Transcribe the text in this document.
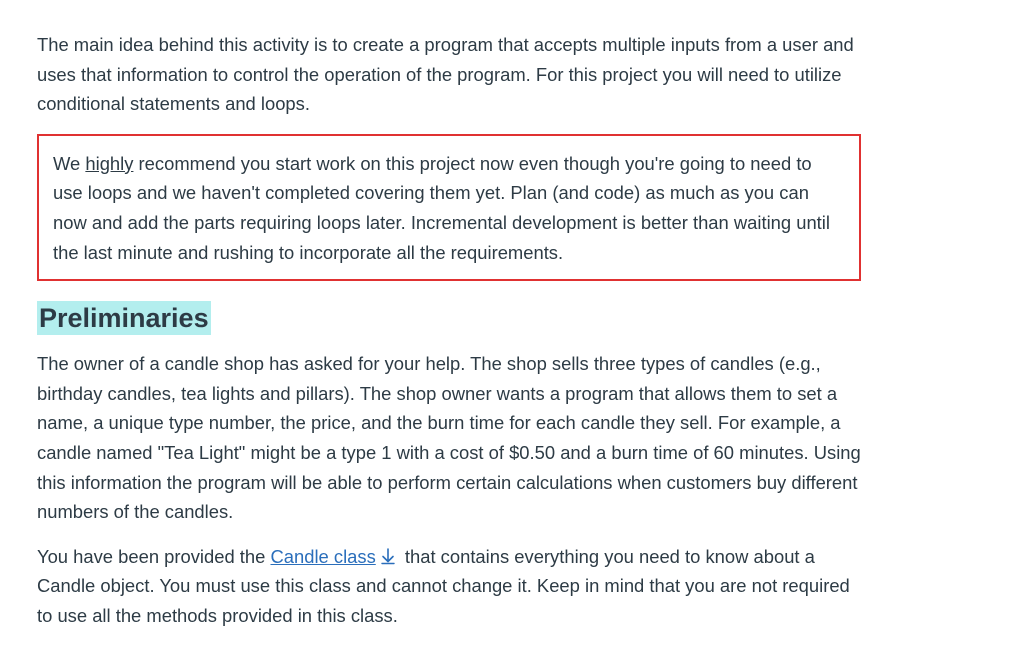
The main idea behind this activity is to create a program that accepts multiple inputs from a user and uses that information to control the operation of the program. For this project you will need to utilize conditional statements and loops.

We highly recommend you start work on this project now even though you're going to need to use loops and we haven't completed covering them yet. Plan (and code) as much as you can now and add the parts requiring loops later. Incremental development is better than waiting until the last minute and rushing to incorporate all the requirements.

Preliminaries

The owner of a candle shop has asked for your help. The shop sells three types of candles (e.g., birthday candles, tea lights and pillars). The shop owner wants a program that allows them to set a name, a unique type number, the price, and the burn time for each candle they sell. For example, a candle named "Tea Light" might be a type 1 with a cost of $0.50 and a burn time of 60 minutes. Using this information the program will be able to perform certain calculations when customers buy different numbers of the candles.

You have been provided the Candle class that contains everything you need to know about a Candle object. You must use this class and cannot change it. Keep in mind that you are not required to use all the methods provided in this class.
